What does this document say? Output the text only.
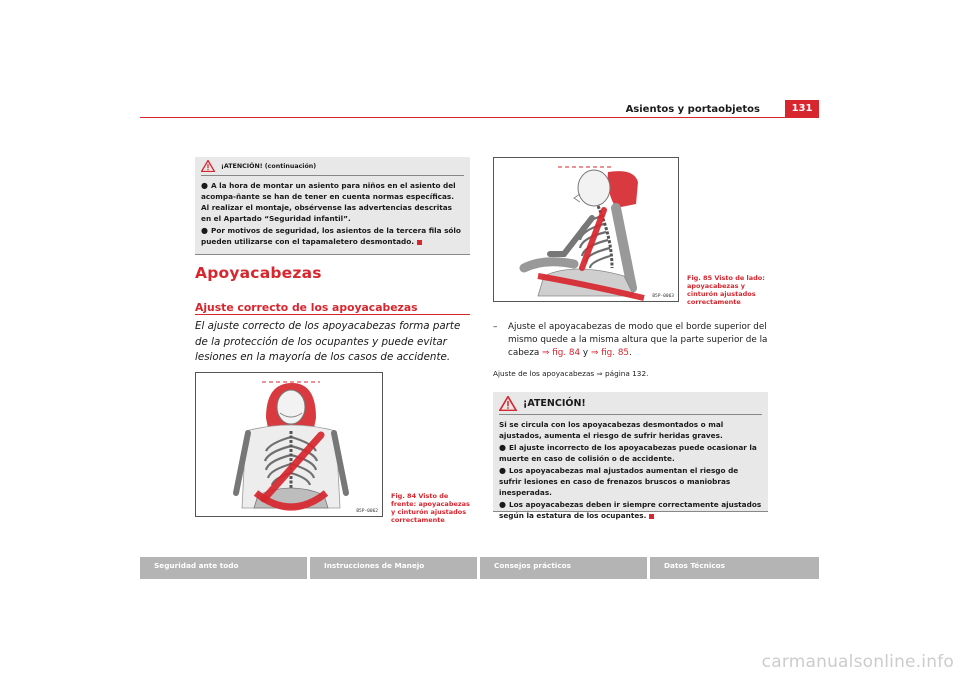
Asientos y portaobjetos	131
¡ATENCIÓN! (continuación)

● A la hora de montar un asiento para niños en el asiento del acompa-ñante se han de tener en cuenta normas específicas. Al realizar el montaje, obsérvense las advertencias descritas en el Apartado “Seguridad infantil”.

● Por motivos de seguridad, los asientos de la tercera fila sólo pueden utilizarse con el tapamaletero desmontado.

Apoyacabezas
Ajuste correcto de los apoyacabezas

El ajuste correcto de los apoyacabezas forma parte de la protección de los ocupantes y puede evitar lesiones en la mayoría de los casos de accidente.

B5P-0062
Fig. 84 Visto de frente: apoyacabezas y cinturón ajustados correctamente
B5P-0063
Fig. 85 Visto de lado: apoyacabezas y cinturón ajustados correctamente
–	Ajuste el apoyacabezas de modo que el borde superior del mismo quede a la misma altura que la parte superior de la cabeza ⇒ fig. 84 y ⇒ fig. 85.
Ajuste de los apoyacabezas ⇒ página 132.
¡ATENCIÓN!

Si se circula con los apoyacabezas desmontados o mal ajustados, aumenta el riesgo de sufrir heridas graves.

● El ajuste incorrecto de los apoyacabezas puede ocasionar la muerte en caso de colisión o de accidente.

● Los apoyacabezas mal ajustados aumentan el riesgo de sufrir lesiones en caso de frenazos bruscos o maniobras inesperadas.

● Los apoyacabezas deben ir siempre correctamente ajustados según la estatura de los ocupantes.

Seguridad ante todo	Instrucciones de Manejo	Consejos prácticos	Datos Técnicos
carmanualsonline.info
